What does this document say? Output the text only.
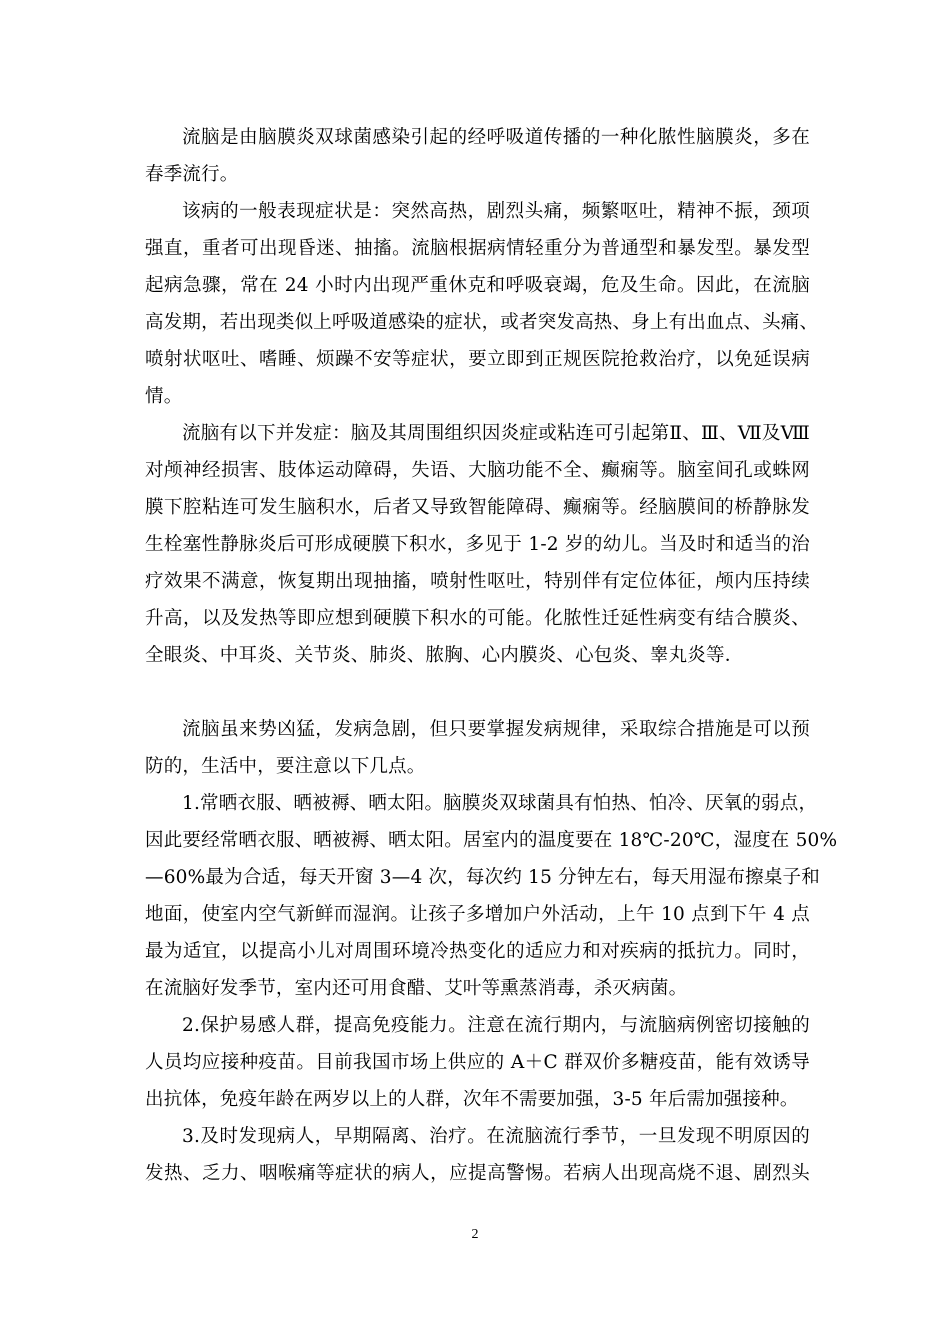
流脑是由脑膜炎双球菌感染引起的经呼吸道传播的一种化脓性脑膜炎，多在
春季流行。
该病的一般表现症状是：突然高热，剧烈头痛，频繁呕吐，精神不振，颈项
强直，重者可出现昏迷、抽搐。流脑根据病情轻重分为普通型和暴发型。暴发型
起病急骤，常在 24 小时内出现严重休克和呼吸衰竭，危及生命。因此，在流脑
高发期，若出现类似上呼吸道感染的症状，或者突发高热、身上有出血点、头痛、
喷射状呕吐、嗜睡、烦躁不安等症状，要立即到正规医院抢救治疗，以免延误病
情。
流脑有以下并发症：脑及其周围组织因炎症或粘连可引起第Ⅱ、Ⅲ、Ⅶ及Ⅷ
对颅神经损害、肢体运动障碍，失语、大脑功能不全、癫痫等。脑室间孔或蛛网
膜下腔粘连可发生脑积水，后者又导致智能障碍、癫痫等。经脑膜间的桥静脉发
生栓塞性静脉炎后可形成硬膜下积水，多见于 1-2 岁的幼儿。当及时和适当的治
疗效果不满意，恢复期出现抽搐，喷射性呕吐，特别伴有定位体征，颅内压持续
升高，以及发热等即应想到硬膜下积水的可能。化脓性迁延性病变有结合膜炎、
全眼炎、中耳炎、关节炎、肺炎、脓胸、心内膜炎、心包炎、睾丸炎等．
流脑虽来势凶猛，发病急剧，但只要掌握发病规律，采取综合措施是可以预
防的，生活中，要注意以下几点。
1.常晒衣服、晒被褥、晒太阳。脑膜炎双球菌具有怕热、怕冷、厌氧的弱点，
因此要经常晒衣服、晒被褥、晒太阳。居室内的温度要在 18℃-20℃，湿度在 50%
—60%最为合适，每天开窗 3—4 次，每次约 15 分钟左右，每天用湿布擦桌子和
地面，使室内空气新鲜而湿润。让孩子多增加户外活动，上午 10 点到下午 4 点
最为适宜，以提高小儿对周围环境冷热变化的适应力和对疾病的抵抗力。同时，
在流脑好发季节，室内还可用食醋、艾叶等熏蒸消毒，杀灭病菌。
2.保护易感人群，提高免疫能力。注意在流行期内，与流脑病例密切接触的
人员均应接种疫苗。目前我国市场上供应的 A＋C 群双价多糖疫苗，能有效诱导
出抗体，免疫年龄在两岁以上的人群，次年不需要加强，3-5 年后需加强接种。
3.及时发现病人，早期隔离、治疗。在流脑流行季节，一旦发现不明原因的
发热、乏力、咽喉痛等症状的病人，应提高警惕。若病人出现高烧不退、剧烈头
2
